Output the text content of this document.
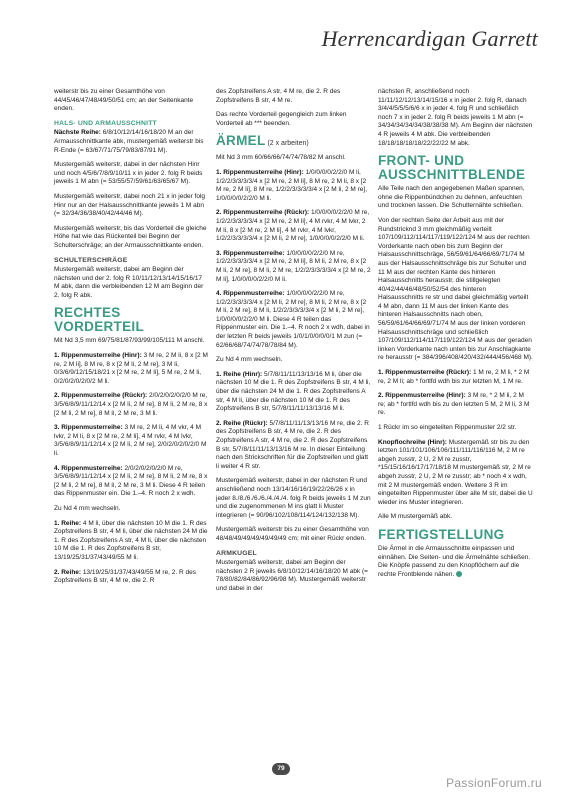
Herrencardigan Garrett

weiterstr bis zu einer Gesamthöhe von 44/45/46/47/48/49/50/51 cm; an der Seitenkante enden.

HALS- UND ARMAUSSCHNITT

Nächste Reihe: 6/8/10/12/14/16/18/20 M an der Armausschnittkante abk, mustergemäß weiterstr bis R-Ende (= 63/67/71/75/79/83/87/91 M).

Mustergemäß weiterstr, dabei in der nächsten Hinr und noch 4/5/6/7/8/9/10/11 x in jeder 2. folg R beids jeweils 1 M abn (= 53/55/57/59/61/63/65/67 M).

Mustergemäß weiterstr, dabei noch 21 x in jeder folg Hinr nur an der Halsausschnittkante jeweils 1 M abn (= 32/34/36/38/40/42/44/46 M).

Mustergemäß weiterstr, bis das Vorderteil die gleiche Höhe hat wie das Rückenteil bei Beginn der Schulterschräge; an der Armausschnittkante enden.

SCHULTERSCHRÄGE

Mustergemäß weiterstr, dabei am Beginn der nächsten und der 2. folg R 10/11/12/13/14/15/16/17 M abk, dann die verbleibenden 12 M am Beginn der 2. folg R abk.

RECHTES VORDERTEIL

Mit Nd 3,5 mm 69/75/81/87/93/99/105/111 M anschl.

1. Rippenmusterreihe (Hinr): 3 M re, 2 M li, 8 x [2 M re, 2 M li], 8 M re, 8 x [2 M li, 2 M re], 3 M li, 0/3/6/9/12/15/18/21 x [2 M re, 2 M li], 5 M re, 2 M li, 0/2/0/2/0/2/0/2 M li.

2. Rippenmusterreihe (Rückr): 2/0/2/0/2/0/2/0 M re, 3/5/6/8/9/11/12/14 x [2 M li, 2 M re], 8 M li, 2 M re, 8 x [2 M li, 2 M re], 8 M li, 2 M re, 3 M li.

3. Rippenmusterreihe: 3 M re, 2 M li, 4 M vkr, 4 M lvkr, 2 M li, 8 x [2 M re, 2 M li], 4 M rvkr, 4 M lvkr, 3/5/6/8/9/11/12/14 x [2 M li, 2 M re], 2/0/2/0/2/0/2/0 M li.

4. Rippenmusterreihe: 2/0/2/0/2/0/2/0 M re, 3/5/6/8/9/11/12/14 x [2 M li, 2 M re], 8 M li, 2 M re, 8 x [2 M li, 2 M re], 8 M li, 2 M re, 3 M li. Diese 4 R teilen das Rippenmuster ein. Die 1.–4. R noch 2 x wdh.

Zu Nd 4 mm wechseln.

1. Reihe: 4 M li, über die nächsten 10 M die 1. R des Zopfstreifens B str, 4 M li, über die nächsten 24 M die 1. R des Zopfstreifens A str, 4 M li, über die nächsten 10 M die 1. R des Zopfstreifens B str, 13/19/25/31/37/43/49/55 M li.

2. Reihe: 13/19/25/31/37/43/49/55 M re, 2. R des Zopfstreifens B str, 4 M re, die 2. R

des Zopfstreifens A str, 4 M re, die 2. R des Zopfstreifens B str, 4 M re.

Das rechte Vorderteil gegengleich zum linken Vorderteil ab *** beenden.

ÄRMEL (2 x arbeiten)

Mit Nd 3 mm 60/66/66/74/74/78/82 M anschl.

1. Rippenmusterreihe (Hinr): 1/0/0/0/0/2/2/0 M li, 1/2/2/3/3/3/3/4 x [2 M re, 2 M li], 8 M re, 2 M li, 8 x [2 M re, 2 M li], 8 M re, 1/2/2/3/3/3/3/4 x [2 M li, 2 M re], 1/0/0/0/0/2/2/0 M li.

2. Rippenmusterreihe (Rückr): 1/0/0/0/0/2/2/0 M re, 1/2/2/3/3/3/3/4 x [2 M re, 2 M li], 4 M rvkr, 4 M lvkr, 2 M li, 8 x [2 M re, 2 M li], 4 M rvkr, 4 M lvkr, 1/2/2/3/3/3/3/4 x [2 M li, 2 M re], 1/0/0/0/0/2/2/0 M li.

3. Rippenmusterreihe: 1/0/0/0/0/2/2/0 M re, 1/2/2/3/3/3/3/4 x [2 M re, 2 M li], 8 M li, 2 M re, 8 x [2 M li, 2 M re], 8 M li, 2 M re, 1/2/2/3/3/3/3/4 x [2 M re, 2 M li], 1/0/0/0/0/2/2/0 M li.

4. Rippenmusterreihe: 1/0/0/0/0/2/2/0 M re, 1/2/2/3/3/3/3/4 x [2 M li, 2 M re], 8 M li, 2 M re, 8 x [2 M li, 2 M re], 8 M li, 1/2/2/3/3/3/3/4 x [2 M li, 2 M re], 1/0/0/0/0/2/2/0 M li. Diese 4 R teilen das Rippenmuster ein. Die 1.–4. R noch 2 x wdh, dabei in der letzten R beids jeweils 1/0/1/0/0/0/0/1 M zun (= 62/66/68/74/74/78/78/84 M).

Zu Nd 4 mm wechseln.

1. Reihe (Hinr): 5/7/8/11/11/13/13/16 M li, über die nächsten 10 M die 1. R des Zopfstreifens B str, 4 M li, über die nächsten 24 M die 1. R des Zopfstreifens A str, 4 M li, über die nächsten 10 M die 1. R des Zopfstreifens B str, 5/7/8/11/11/13/13/16 M li.

2. Reihe (Rückr): 5/7/8/11/11/13/13/16 M re, die 2. R des Zopfstreifens B str, 4 M re, die 2. R des Zopfstreifens A str, 4 M re, die 2. R des Zopfstreifens B str, 5/7/8/11/11/13/13/16 M re. In dieser Einteilung nach den Strickschriften für die Zopfstreifen und glatt li weiter 4 R str.

Mustergemäß weiterstr, dabei in der nächsten R und anschließend noch 13/14/16/16/19/22/26/26 x in jeder 8./8./6./6./6./4./4./4. folg R beids jeweils 1 M zun und die zugenommenen M ins glatt li Muster integrieren (= 90/96/102/108/114/124/132/138 M).

Mustergemäß weiterstr bis zu einer Gesamthöhe von 48/48/49/49/49/49/49/49 cm; mit einer Rückr enden.

ARMKUGEL

Mustergemäß weiterstr, dabei am Beginn der nächsten 2 R jeweils 6/8/10/12/14/16/18/20 M abk (= 78/80/82/84/86/92/96/98 M). Mustergemäß weiterstr und dabei in der

nächsten R, anschließend noch 11/11/12/12/13/14/15/16 x in jeder 2. folg R, danach 3/4/4/5/5/5/6/6 x in jeder 4. folg R und schließlich noch 7 x in jeder 2. folg R beids jeweils 1 M abn (= 34/34/34/34/34/38/38/38 M). Am Beginn der nächsten 4 R jeweils 4 M abk. Die verbleibenden 18/18/18/18/18/22/22/22 M abk.

FRONT- UND
AUSSCHNITTBLENDE

Alle Teile nach den angegebenen Maßen spannen, ohne die Rippenbündchen zu dehnen, anfeuchten und trocknen lassen. Die Schulternähte schließen.

Von der rechten Seite der Arbeit aus mit der Rundstricknd 3 mm gleichmäßig verteilt 107/109/112/114/117/119/122/124 M aus der rechten Vorderkante nach oben bis zum Beginn der Halsausschnittschräge, 56/59/61/64/66/69/71/74 M aus der Halsausschnittschräge bis zur Schulter und 11 M aus der rechten Kante des hinteren Halsausschnitts herausstr, die stillgelegten 40/42/44/46/48/50/52/54 des hinteren Halsausschnitts re str und dabei gleichmäßig verteilt 4 M abn, dann 11 M aus der linken Kante des hinteren Halsausschnitts nach oben, 56/59/61/64/66/69/71/74 M aus der linken vorderen Halsausschnittschräge und schließlich 107/109/112/114/117/119/122/124 M aus der geraden linken Vorderkante nach unten bis zur Anschlagkante re herausstr (= 384/396/408/420/432/444/456/468 M).

1. Rippenmusterreihe (Rückr): 1 M re, 2 M li, * 2 M re, 2 M li; ab * fortlfd wdh bis zur letzten M, 1 M re.

2. Rippenmusterreihe (Hinr): 3 M re, * 2 M li, 2 M re; ab * fortlfd wdh bis zu den letzten 5 M, 2 M li, 3 M re.

1 Rückr im so eingeteilten Rippenmuster 2/2 str.

Knopflochreihe (Hinr): Mustergemäß str bis zu den letzten 101/101/106/106/111/111/116/116 M, 2 M re abgeh zusstr, 2 U, 2 M re zusstr, *15/15/16/16/17/17/18/18 M mustergemäß str, 2 M re abgeh zusstr, 2 U, 2 M re zusstr; ab * noch 4 x wdh, mit 2 M mustergemäß enden. Weitere 3 R im eingeteilten Rippenmuster über alle M str, dabei die U wieder ins Muster integrieren.

Alle M mustergemäß abk.

FERTIGSTELLUNG

Die Ärmel in die Armausschnitte einpassen und einnähen. Die Seiten- und die Ärmelnähte schließen. Die Knöpfe passend zu den Knopflöchern auf die rechte Frontblende nähen.

79
PassionForum.ru
